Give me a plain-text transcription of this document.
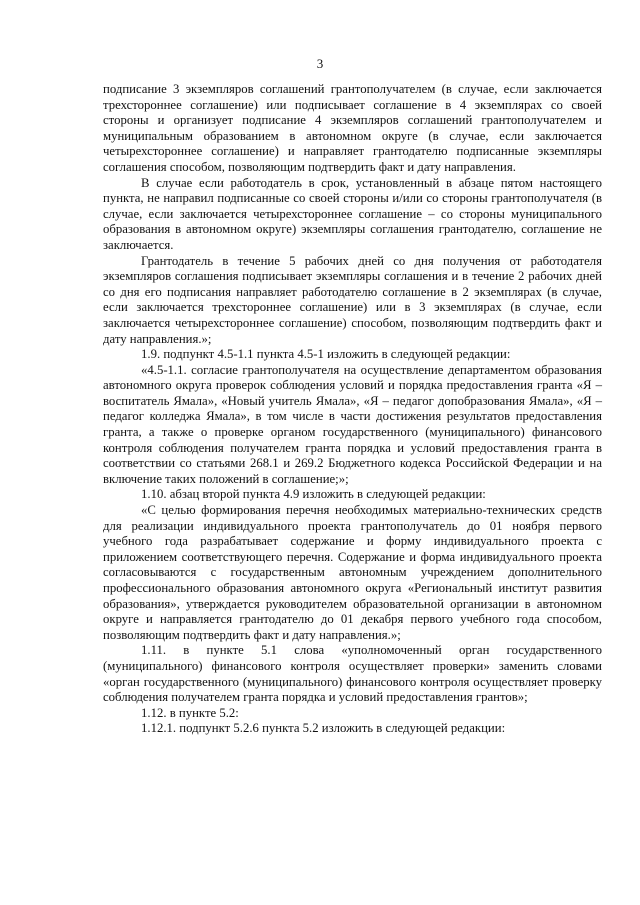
3

подписание 3 экземпляров соглашений грантополучателем (в случае, если заключается трехстороннее соглашение) или подписывает соглашение в 4 экземплярах со своей стороны и организует подписание 4 экземпляров соглашений грантополучателем и муниципальным образованием в автономном округе (в случае, если заключается четырехстороннее соглашение) и направляет грантодателю подписанные экземпляры соглашения способом, позволяющим подтвердить факт и дату направления.

В случае если работодатель в срок, установленный в абзаце пятом настоящего пункта, не направил подписанные со своей стороны и/или со стороны грантополучателя (в случае, если заключается четырехстороннее соглашение – со стороны муниципального образования в автономном округе) экземпляры соглашения грантодателю, соглашение не заключается.

Грантодатель в течение 5 рабочих дней со дня получения от работодателя экземпляров соглашения подписывает экземпляры соглашения и в течение 2 рабочих дней со дня его подписания направляет работодателю соглашение в 2 экземплярах (в случае, если заключается трехстороннее соглашение) или в 3 экземплярах (в случае, если заключается четырехстороннее соглашение) способом, позволяющим подтвердить факт и дату направления.»;

1.9. подпункт 4.5-1.1 пункта 4.5-1 изложить в следующей редакции:

«4.5-1.1. согласие грантополучателя на осуществление департаментом образования автономного округа проверок соблюдения условий и порядка предоставления гранта «Я – воспитатель Ямала», «Новый учитель Ямала», «Я – педагог допобразования Ямала», «Я – педагог колледжа Ямала», в том числе в части достижения результатов предоставления гранта, а также о проверке органом государственного (муниципального) финансового контроля соблюдения получателем гранта порядка и условий предоставления гранта в соответствии со статьями 268.1 и 269.2 Бюджетного кодекса Российской Федерации и на включение таких положений в соглашение;»;

1.10. абзац второй пункта 4.9 изложить в следующей редакции:

«С целью формирования перечня необходимых материально-технических средств для реализации индивидуального проекта грантополучатель до 01 ноября первого учебного года разрабатывает содержание и форму индивидуального проекта с приложением соответствующего перечня. Содержание и форма индивидуального проекта согласовываются с государственным автономным учреждением дополнительного профессионального образования автономного округа «Региональный институт развития образования», утверждается руководителем образовательной организации в автономном округе и направляется грантодателю до 01 декабря первого учебного года способом, позволяющим подтвердить факт и дату направления.»;

1.11. в пункте 5.1 слова «уполномоченный орган государственного (муниципального) финансового контроля осуществляет проверки» заменить словами «орган государственного (муниципального) финансового контроля осуществляет проверку соблюдения получателем гранта порядка и условий предоставления грантов»;

1.12. в пункте 5.2:

1.12.1. подпункт 5.2.6 пункта 5.2 изложить в следующей редакции:
